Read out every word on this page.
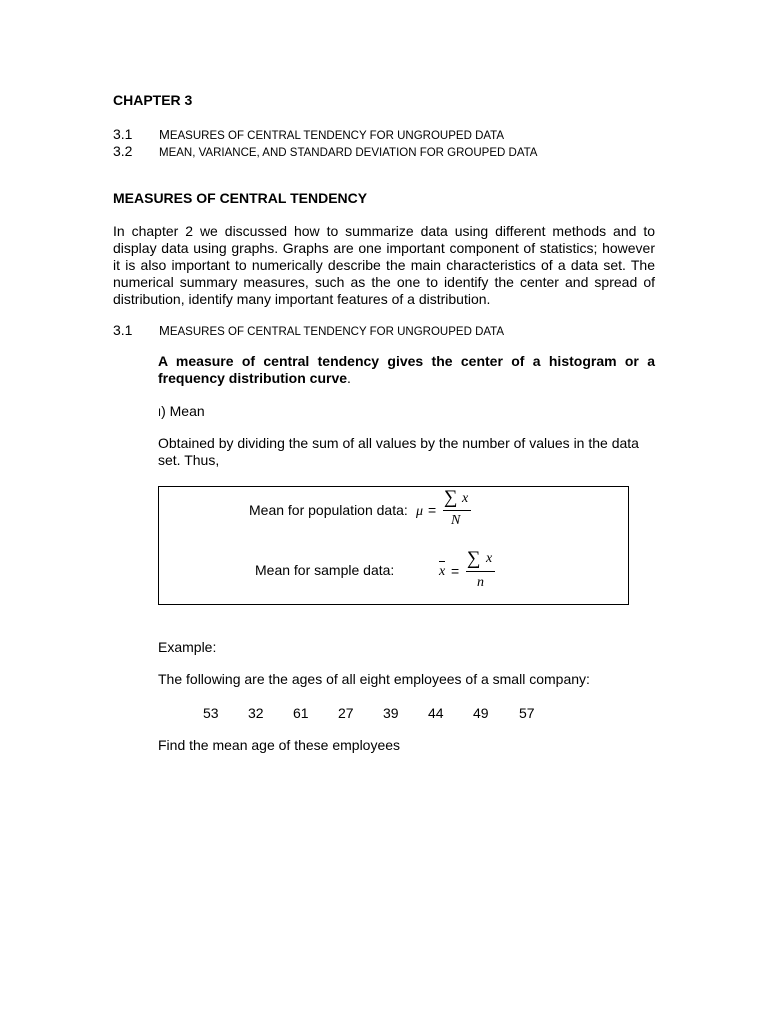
CHAPTER 3
3.1 MEASURES OF CENTRAL TENDENCY FOR UNGROUPED DATA
3.2 MEAN, VARIANCE, AND STANDARD DEVIATION FOR GROUPED DATA
MEASURES OF CENTRAL TENDENCY
In chapter 2 we discussed how to summarize data using different methods and to display data using graphs. Graphs are one important component of statistics; however it is also important to numerically describe the main characteristics of a data set. The numerical summary measures, such as the one to identify the center and spread of distribution, identify many important features of a distribution.
3.1 MEASURES OF CENTRAL TENDENCY FOR UNGROUPED DATA
A measure of central tendency gives the center of a histogram or a frequency distribution curve.
I) Mean
Obtained by dividing the sum of all values by the number of values in the data set. Thus,
Mean for population data: μ =
∑ x
N
Mean for sample data:	x =
∑ x
n
Example:
The following are the ages of all eight employees of a small company:
53 32 61 27 39 44 49 57
Find the mean age of these employees
